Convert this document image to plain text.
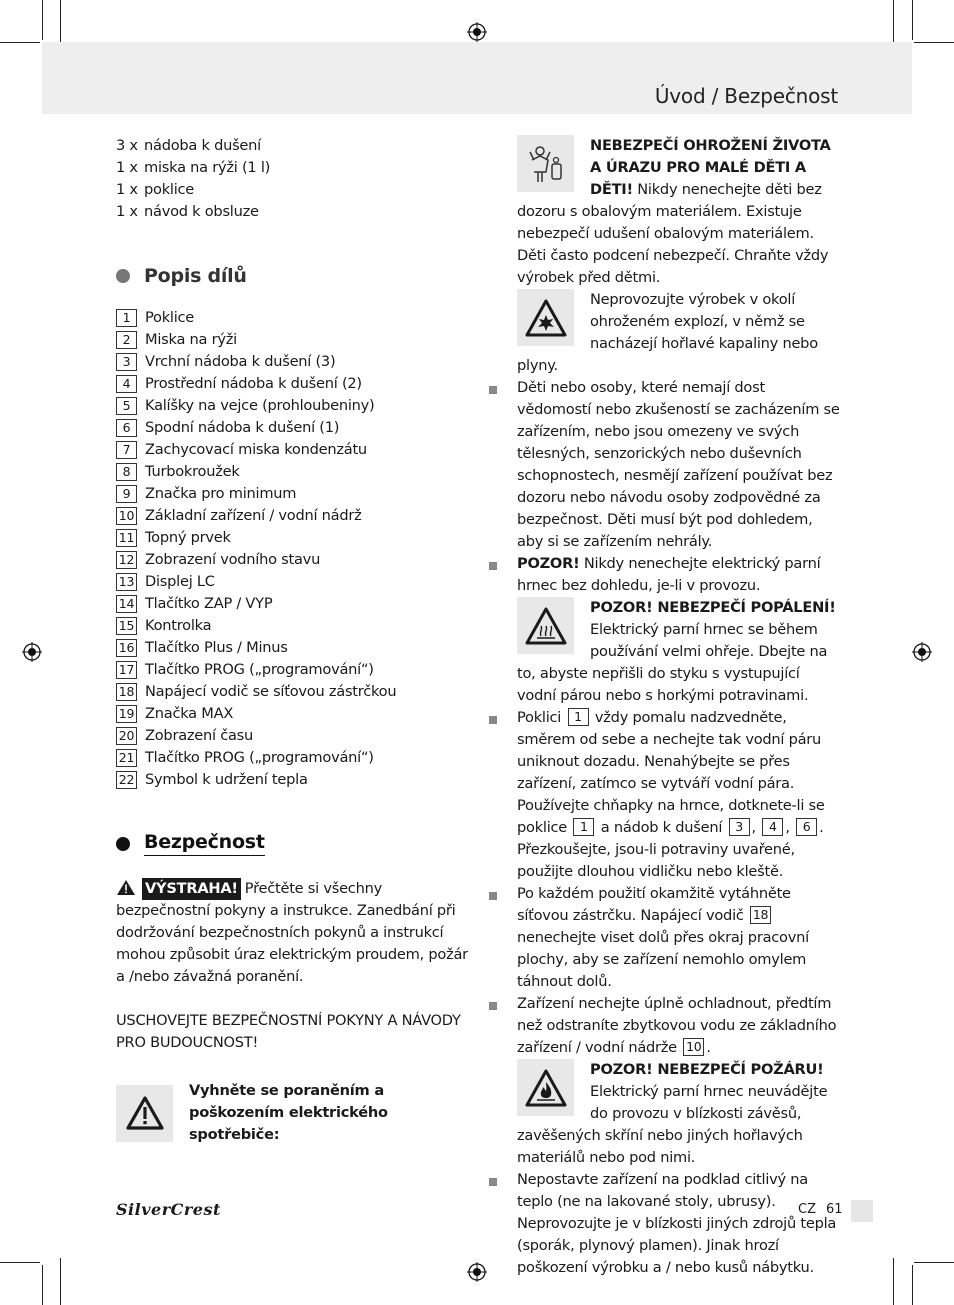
Úvod / Bezpečnost
3 x nádoba k dušení
1 x miska na rýži (1 l)
1 x poklice
1 x návod k obsluze
Popis dílů
1	Poklice
2	Miska na rýži
3	Vrchní nádoba k dušení (3)
4	Prostřední nádoba k dušení (2)
5	Kalíšky na vejce (prohloubeniny)
6	Spodní nádoba k dušení (1)
7	Zachycovací miska kondenzátu
8	Turbokroužek
9	Značka pro minimum
10 Základní zařízení / vodní nádrž
11 Topný prvek
12 Zobrazení vodního stavu
13 Displej LC
14 Tlačítko ZAP / VYP
15 Kontrolka
16 Tlačítko Plus / Minus
17 Tlačítko PROG („programování“)
18 Napájecí vodič se síťovou zástrčkou
19 Značka MAX
20 Zobrazení času
21 Tlačítko PROG („programování“)
22 Symbol k udržení tepla
Bezpečnost
VÝSTRAHA! Přečtěte si všechny bezpečnostní pokyny a instrukce. Zanedbání při dodržování bezpečnostních pokynů a instrukcí mohou způsobit úraz elektrickým proudem, požár a /nebo závažná poranění.
USCHOVEJTE BEZPEČNOSTNÍ POKYNY A NÁVODY PRO BUDOUCNOST!
Vyhněte se poraněním a poškozením elektrického spotřebiče:
NEBEZPEČÍ OHROŽENÍ ŽIVOTA A ÚRAZU PRO MALÉ DĚTI A DĚTI! Nikdy nenechejte děti bez dozoru s obalovým materiálem. Existuje nebezpečí udušení obalovým materiálem. Děti často podcení nebezpečí. Chraňte vždy výrobek před dětmi.
Neprovozujte výrobek v okolí ohroženém explozí, v němž se nacházejí hořlavé kapaliny nebo plyny.
Děti nebo osoby, které nemají dost vědomostí nebo zkušeností se zacházením se zařízením, nebo jsou omezeny ve svých tělesných, senzorických nebo duševních schopnostech, nesmějí zařízení používat bez dozoru nebo návodu osoby zodpovědné za bezpečnost. Děti musí být pod dohledem, aby si se zařízením nehrály.
POZOR! Nikdy nenechejte elektrický parní hrnec bez dohledu, je-li v provozu.
POZOR! NEBEZPEČÍ POPÁLENÍ! Elektrický parní hrnec se během používání velmi ohřeje. Dbejte na to, abyste nepřišli do styku s vystupující vodní párou nebo s horkými potravinami.
Poklici 1 vždy pomalu nadzvedněte, směrem od sebe a nechejte tak vodní páru uniknout dozadu. Nenahýbejte se přes zařízení, zatímco se vytváří vodní pára. Používejte chňapky na hrnce, dotknete-li se poklice 1 a nádob k dušení 3 , 4 , 6 . Přezkoušejte, jsou-li potraviny uvařené, použijte dlouhou vidličku nebo kleště.
Po každém použití okamžitě vytáhněte síťovou zástrčku. Napájecí vodič 18 nenechejte viset dolů přes okraj pracovní plochy, aby se zařízení nemohlo omylem táhnout dolů.
Zařízení nechejte úplně ochladnout, předtím než odstraníte zbytkovou vodu ze základního zařízení / vodní nádrže 10 .
POZOR! NEBEZPEČÍ POŽÁRU! Elektrický parní hrnec neuvádějte do provozu v blízkosti závěsů, zavěšených skříní nebo jiných hořlavých materiálů nebo pod nimi.
Nepostavte zařízení na podklad citlivý na teplo (ne na lakované stoly, ubrusy). Neprovozujte je v blízkosti jiných zdrojů tepla (sporák, plynový plamen). Jinak hrozí poškození výrobku a / nebo kusů nábytku.
SilverCrest	CZ 61
